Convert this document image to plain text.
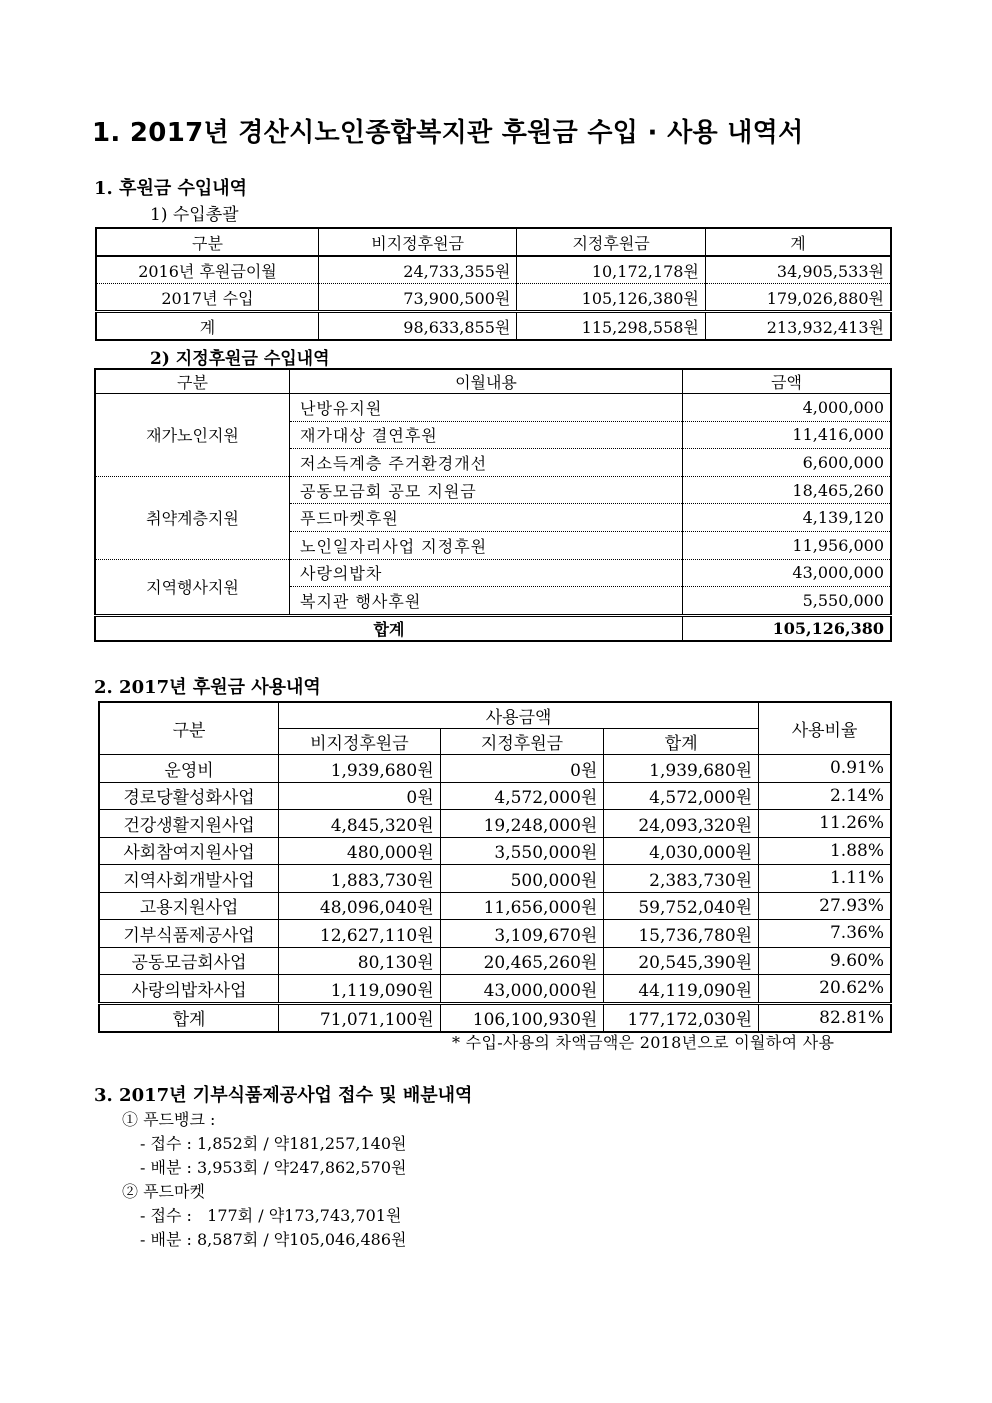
1. 2017년 경산시노인종합복지관 후원금 수입 · 사용 내역서
1. 후원금 수입내역
1) 수입총괄
구분	비지정후원금	지정후원금	계
2016년 후원금이월	24,733,355원	10,172,178원	34,905,533원
2017년 수입	73,900,500원	105,126,380원	179,026,880원
계	98,633,855원	115,298,558원	213,932,413원
2) 지정후원금 수입내역
구분	이월내용	금액
재가노인지원	난방유지원	4,000,000
	재가대상 결연후원	11,416,000
	저소득계층 주거환경개선	6,600,000
취약계층지원	공동모금회 공모 지원금	18,465,260
	푸드마켓후원	4,139,120
	노인일자리사업 지정후원	11,956,000
지역행사지원	사랑의밥차	43,000,000
	복지관 행사후원	5,550,000
합계		105,126,380
2. 2017년 후원금 사용내역
구분	사용금액			사용비율
	비지정후원금	지정후원금	합계	
운영비	1,939,680원	0원	1,939,680원	0.91%
경로당활성화사업	0원	4,572,000원	4,572,000원	2.14%
건강생활지원사업	4,845,320원	19,248,000원	24,093,320원	11.26%
사회참여지원사업	480,000원	3,550,000원	4,030,000원	1.88%
지역사회개발사업	1,883,730원	500,000원	2,383,730원	1.11%
고용지원사업	48,096,040원	11,656,000원	59,752,040원	27.93%
기부식품제공사업	12,627,110원	3,109,670원	15,736,780원	7.36%
공동모금회사업	80,130원	20,465,260원	20,545,390원	9.60%
사랑의밥차사업	1,119,090원	43,000,000원	44,119,090원	20.62%
합계	71,071,100원	106,100,930원	177,172,030원	82.81%
* 수입-사용의 차액금액은 2018년으로 이월하여 사용
3. 2017년 기부식품제공사업 접수 및 배분내역
① 푸드뱅크 :
- 접수 : 1,852회 / 약181,257,140원
- 배분 : 3,953회 / 약247,862,570원
② 푸드마켓
- 접수 :   177회 / 약173,743,701원
- 배분 : 8,587회 / 약105,046,486원
